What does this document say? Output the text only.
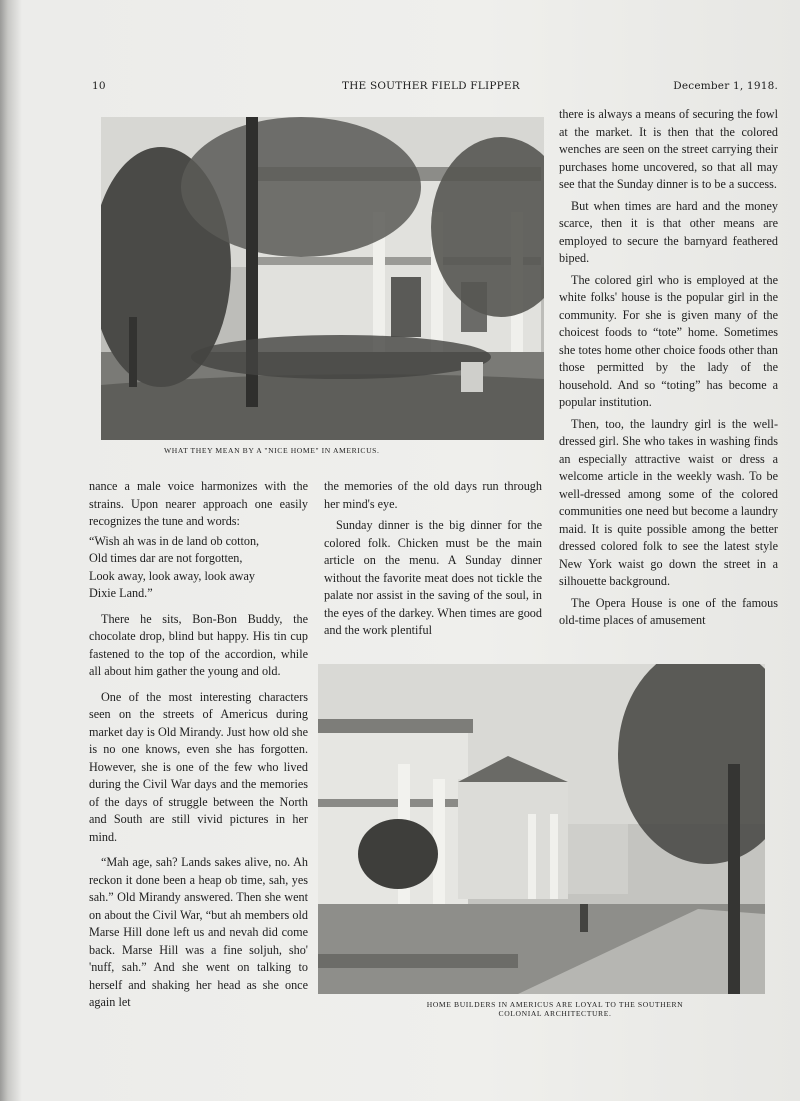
10	THE SOUTHER FIELD FLIPPER	December 1, 1918.
WHAT THEY MEAN BY A "NICE HOME" IN AMERICUS.

nance a male voice harmonizes with the strains. Upon nearer approach one easily recognizes the tune and words:

“Wish ah was in de land ob cotton,

Old times dar are not forgotten,

Look away, look away, look away

Dixie Land.”

There he sits, Bon-Bon Buddy, the chocolate drop, blind but happy. His tin cup fastened to the top of the accordion, while all about him gather the young and old.

One of the most interesting characters seen on the streets of Americus during market day is Old Mirandy. Just how old she is no one knows, even she has forgotten. However, she is one of the few who lived during the Civil War days and the memories of the days of struggle between the North and South are still vivid pictures in her mind.

“Mah age, sah? Lands sakes alive, no. Ah reckon it done been a heap ob time, sah, yes sah.” Old Mirandy answered. Then she went on about the Civil War, “but ah members old Marse Hill done left us and nevah did come back. Marse Hill was a fine soljuh, sho' 'nuff, sah.” And she went on talking to herself and shaking her head as she once again let

the memories of the old days run through her mind's eye.

Sunday dinner is the big dinner for the colored folk. Chicken must be the main article on the menu. A Sunday dinner without the favorite meat does not tickle the palate nor assist in the saving of the soul, in the eyes of the darkey. When times are good and the work plentiful

there is always a means of securing the fowl at the market. It is then that the colored wenches are seen on the street carrying their purchases home uncovered, so that all may see that the Sunday dinner is to be a success.

But when times are hard and the money scarce, then it is that other means are employed to secure the barnyard feathered biped.

The colored girl who is employed at the white folks' house is the popular girl in the community. For she is given many of the choicest foods to “tote” home. Sometimes she totes home other choice foods other than those permitted by the lady of the household. And so “toting” has become a popular institution.

Then, too, the laundry girl is the well-dressed girl. She who takes in washing finds an especially attractive waist or dress a welcome article in the weekly wash. To be well-dressed among some of the colored communities one need but become a laundry maid. It is quite possible among the better dressed colored folk to see the latest style New York waist go down the street in a silhouette background.

The Opera House is one of the famous old-time places of amusement

HOME BUILDERS IN AMERICUS ARE LOYAL TO THE SOUTHERN
COLONIAL ARCHITECTURE.
